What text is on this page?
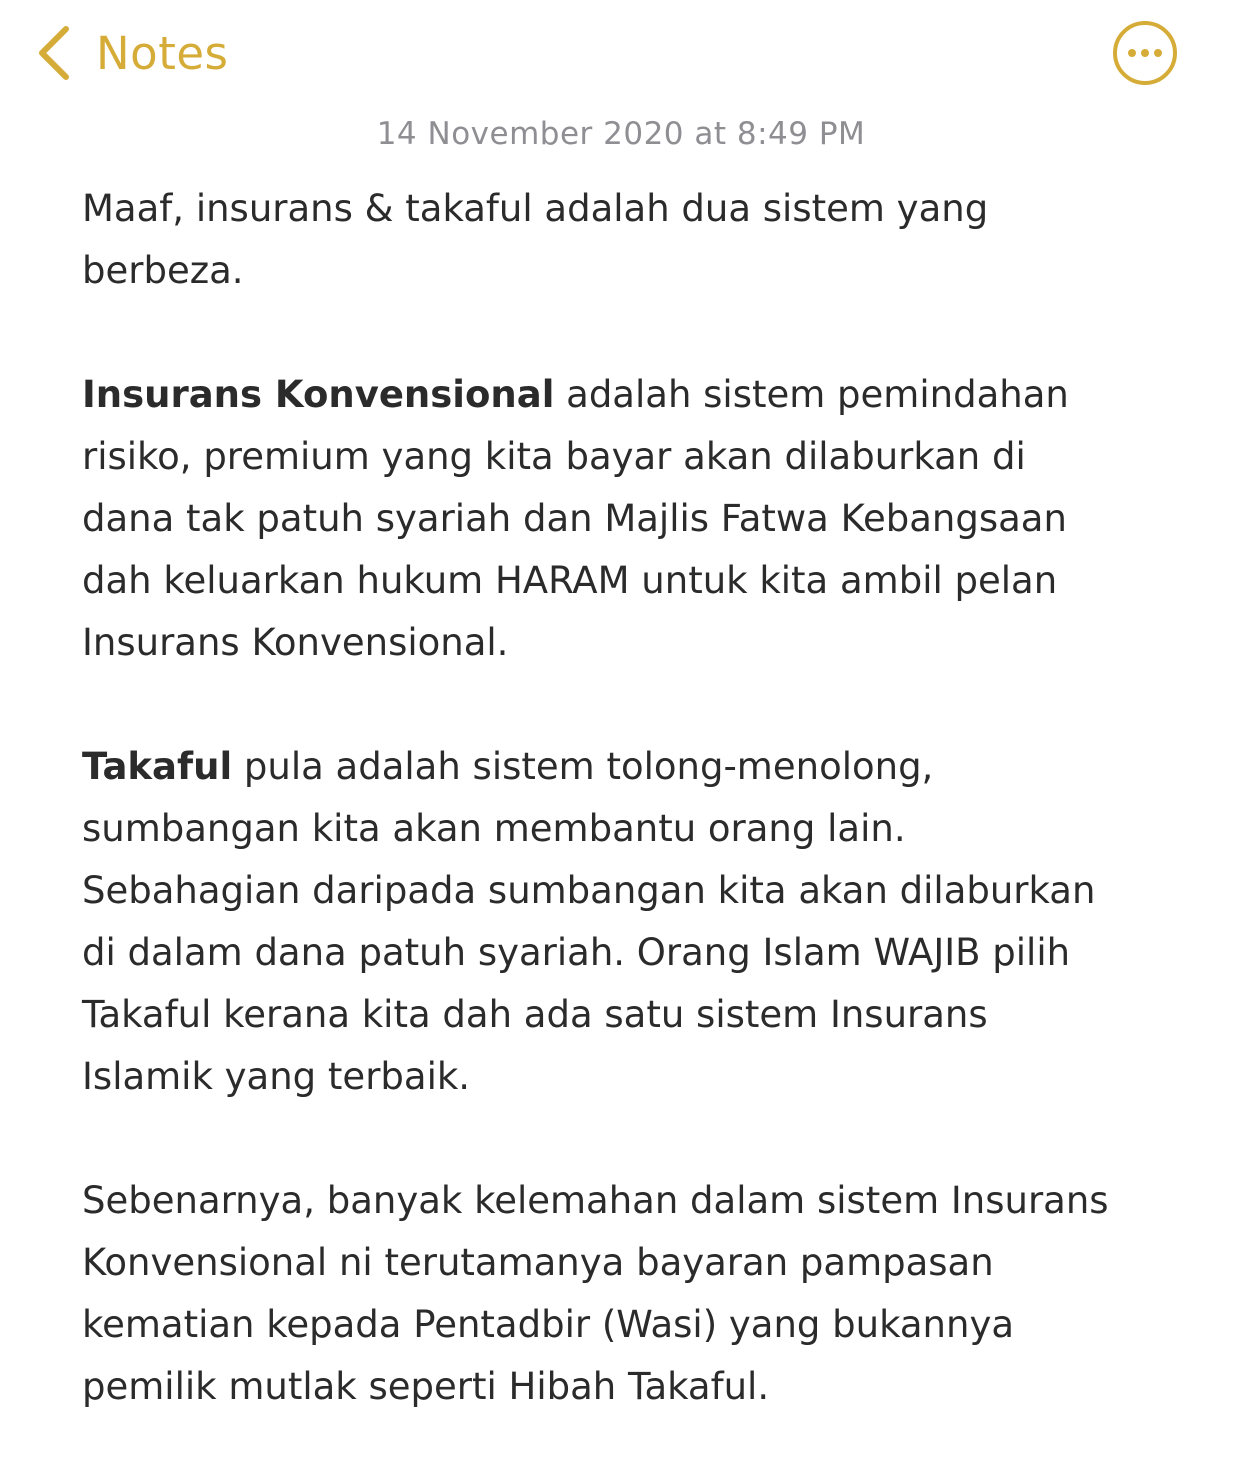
Notes
14 November 2020 at 8:49 PM

Maaf, insurans & takaful adalah dua sistem yang

berbeza.

Insurans Konvensional adalah sistem pemindahan

risiko, premium yang kita bayar akan dilaburkan di

dana tak patuh syariah dan Majlis Fatwa Kebangsaan

dah keluarkan hukum HARAM untuk kita ambil pelan

Insurans Konvensional.

Takaful pula adalah sistem tolong-menolong,

sumbangan kita akan membantu orang lain.

Sebahagian daripada sumbangan kita akan dilaburkan

di dalam dana patuh syariah. Orang Islam WAJIB pilih

Takaful kerana kita dah ada satu sistem Insurans

Islamik yang terbaik.

Sebenarnya, banyak kelemahan dalam sistem Insurans

Konvensional ni terutamanya bayaran pampasan

kematian kepada Pentadbir (Wasi) yang bukannya

pemilik mutlak seperti Hibah Takaful.
